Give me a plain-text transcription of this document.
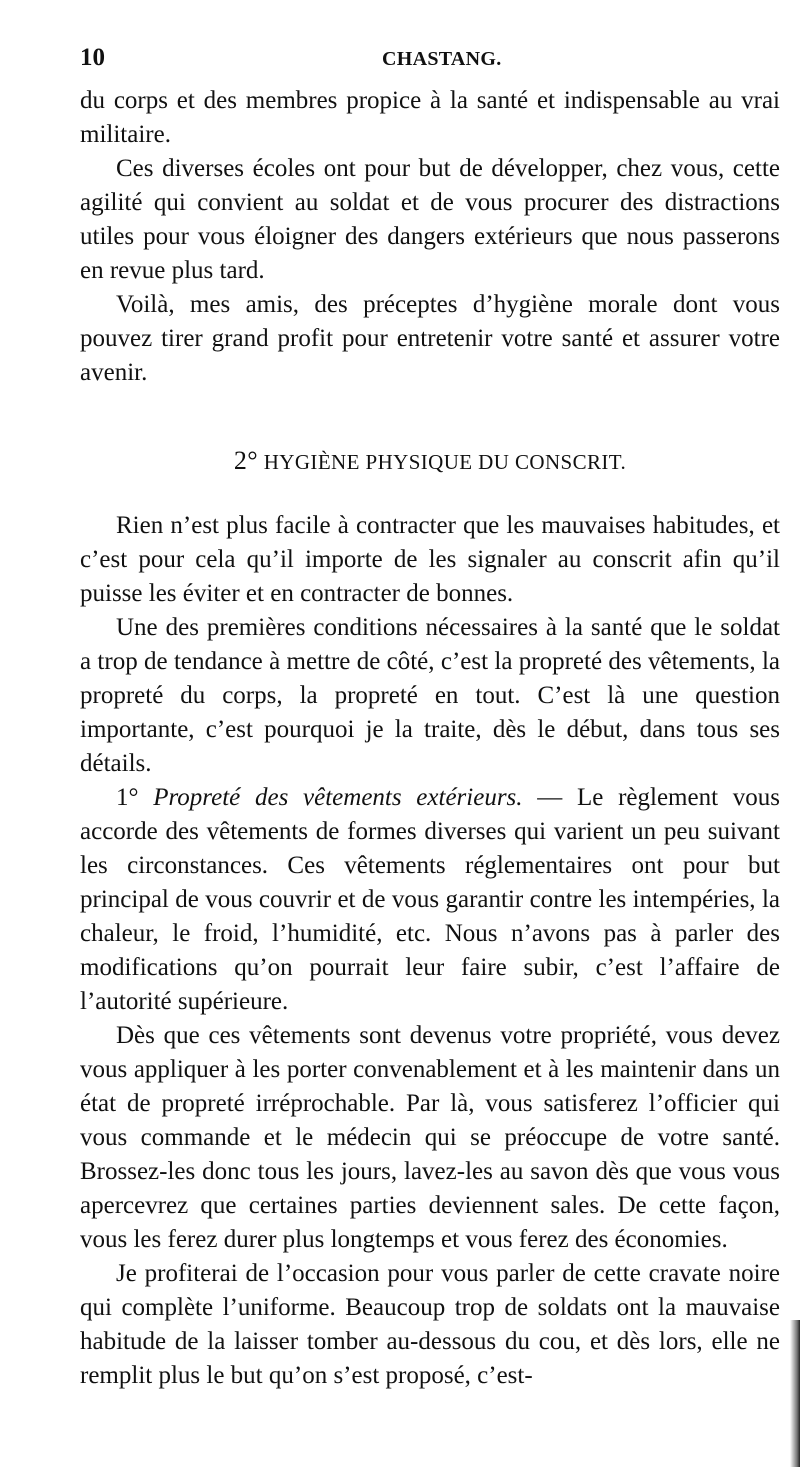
10	CHASTANG.

du corps et des membres propice à la santé et indispensable au vrai militaire.

Ces diverses écoles ont pour but de développer, chez vous, cette agilité qui convient au soldat et de vous procurer des distractions utiles pour vous éloigner des dangers extérieurs que nous passerons en revue plus tard.

Voilà, mes amis, des préceptes d’hygiène morale dont vous pouvez tirer grand profit pour entretenir votre santé et assurer votre avenir.

2° HYGIÈNE PHYSIQUE DU CONSCRIT.

Rien n’est plus facile à contracter que les mauvaises habitudes, et c’est pour cela qu’il importe de les signaler au conscrit afin qu’il puisse les éviter et en contracter de bonnes.

Une des premières conditions nécessaires à la santé que le soldat a trop de tendance à mettre de côté, c’est la propreté des vêtements, la propreté du corps, la propreté en tout. C’est là une question importante, c’est pourquoi je la traite, dès le début, dans tous ses détails.

1° Propreté des vêtements extérieurs. — Le règlement vous accorde des vêtements de formes diverses qui varient un peu suivant les circonstances. Ces vêtements réglementaires ont pour but principal de vous couvrir et de vous garantir contre les intempéries, la chaleur, le froid, l’humidité, etc. Nous n’avons pas à parler des modifications qu’on pourrait leur faire subir, c’est l’affaire de l’autorité supérieure.

Dès que ces vêtements sont devenus votre propriété, vous devez vous appliquer à les porter convenablement et à les maintenir dans un état de propreté irréprochable. Par là, vous satisferez l’officier qui vous commande et le médecin qui se préoccupe de votre santé. Brossez-les donc tous les jours, lavez-les au savon dès que vous vous apercevrez que certaines parties deviennent sales. De cette façon, vous les ferez durer plus longtemps et vous ferez des économies.

Je profiterai de l’occasion pour vous parler de cette cravate noire qui complète l’uniforme. Beaucoup trop de soldats ont la mauvaise habitude de la laisser tomber au-dessous du cou, et dès lors, elle ne remplit plus le but qu’on s’est proposé, c’est-
